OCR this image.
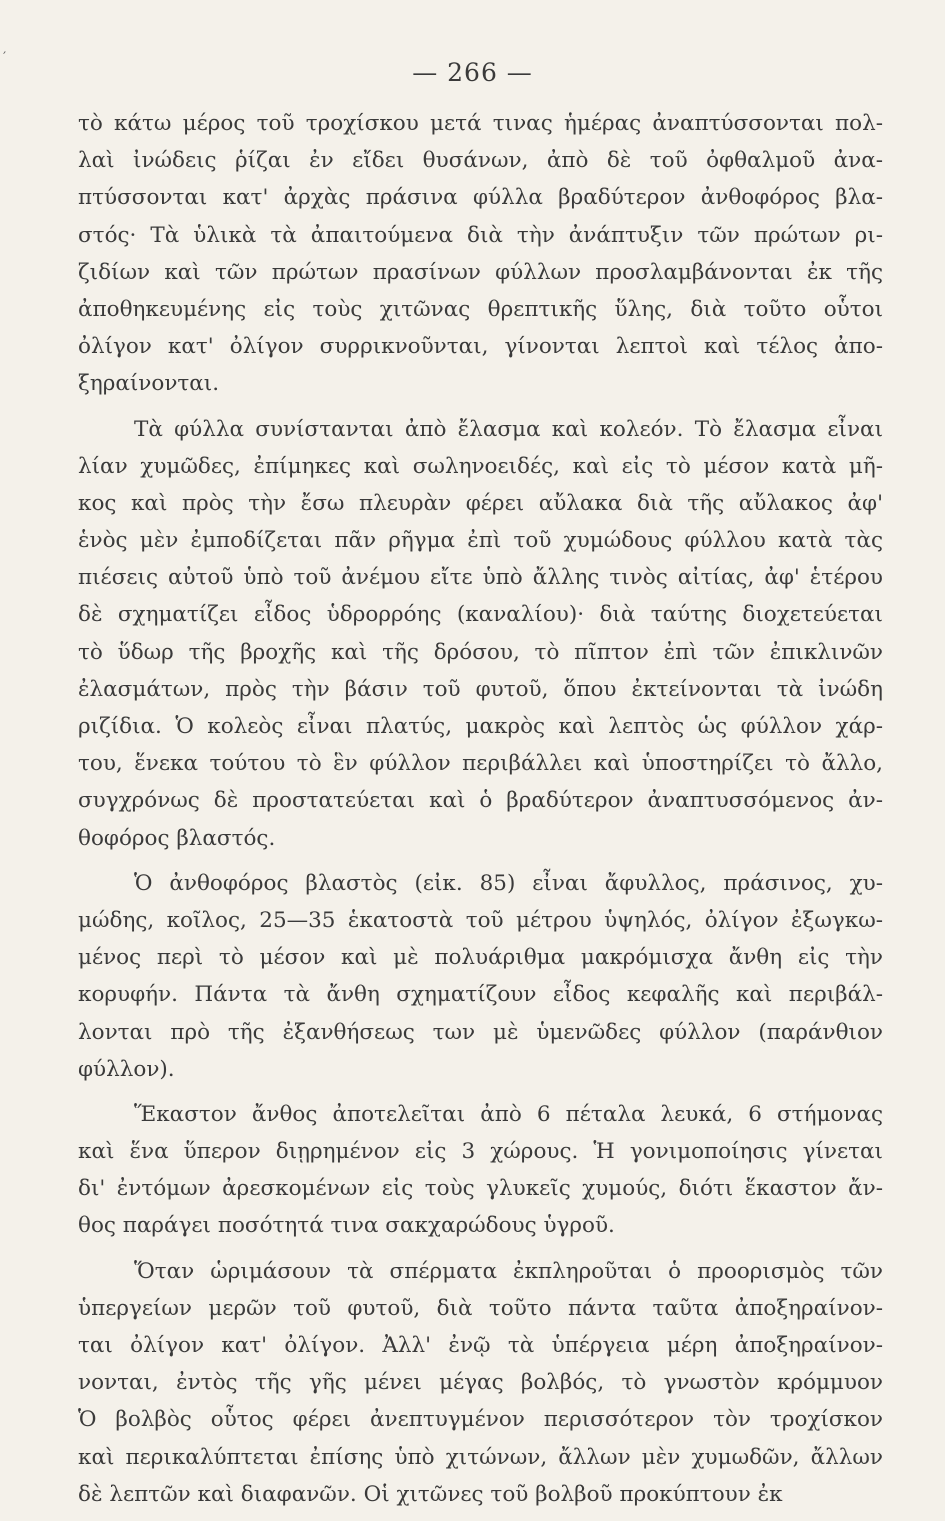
′	— 266 —
τὸ κάτω μέρος τοῦ τροχίσκου μετά τινας ἡμέρας ἀναπτύσσονται πολ-
λαὶ ἰνώδεις ῥίζαι ἐν εἴδει θυσάνων, ἀπὸ δὲ τοῦ ὀφθαλμοῦ ἀνα-
πτύσσονται κατ' ἀρχὰς πράσινα φύλλα βραδύτερον ἀνθοφόρος βλα-
στός· Τὰ ὑλικὰ τὰ ἀπαιτούμενα διὰ τὴν ἀνάπτυξιν τῶν πρώτων ρι-
ζιδίων καὶ τῶν πρώτων πρασίνων φύλλων προσλαμβάνονται ἐκ τῆς
ἀποθηκευμένης εἰς τοὺς χιτῶνας θρεπτικῆς ὕλης, διὰ τοῦτο οὗτοι
ὀλίγον κατ' ὀλίγον συρρικνοῦνται, γίνονται λεπτοὶ καὶ τέλος ἀπο-
ξηραίνονται.
Τὰ φύλλα συνίστανται ἀπὸ ἔλασμα καὶ κολεόν. Τὸ ἔλασμα εἶναι
λίαν χυμῶδες, ἐπίμηκες καὶ σωληνοειδές, καὶ εἰς τὸ μέσον κατὰ μῆ-
κος καὶ πρὸς τὴν ἔσω πλευρὰν φέρει αὔλακα διὰ τῆς αὔλακος ἀφ'
ἑνὸς μὲν ἐμποδίζεται πᾶν ρῆγμα ἐπὶ τοῦ χυμώδους φύλλου κατὰ τὰς
πιέσεις αὐτοῦ ὑπὸ τοῦ ἀνέμου εἴτε ὑπὸ ἄλλης τινὸς αἰτίας, ἀφ' ἑτέρου
δὲ σχηματίζει εἶδος ὑδρορρόης (καναλίου)· διὰ ταύτης διοχετεύεται
τὸ ὕδωρ τῆς βροχῆς καὶ τῆς δρόσου, τὸ πῖπτον ἐπὶ τῶν ἐπικλινῶν
ἐλασμάτων, πρὸς τὴν βάσιν τοῦ φυτοῦ, ὅπου ἐκτείνονται τὰ ἰνώδη
ριζίδια. Ὁ κολεὸς εἶναι πλατύς, μακρὸς καὶ λεπτὸς ὡς φύλλον χάρ-
του, ἕνεκα τούτου τὸ ἓν φύλλον περιβάλλει καὶ ὑποστηρίζει τὸ ἄλλο,
συγχρόνως δὲ προστατεύεται καὶ ὁ βραδύτερον ἀναπτυσσόμενος ἀν-
θοφόρος βλαστός.
Ὁ ἀνθοφόρος βλαστὸς (εἰκ. 85) εἶναι ἄφυλλος, πράσινος, χυ-
μώδης, κοῖλος, 25—35 ἑκατοστὰ τοῦ μέτρου ὑψηλός, ὀλίγον ἐξωγκω-
μένος περὶ τὸ μέσον καὶ μὲ πολυάριθμα μακρόμισχα ἄνθη εἰς τὴν
κορυφήν. Πάντα τὰ ἄνθη σχηματίζουν εἶδος κεφαλῆς καὶ περιβάλ-
λονται πρὸ τῆς ἐξανθήσεως των μὲ ὑμενῶδες φύλλον (παράνθιον
φύλλον).
Ἕκαστον ἄνθος ἀποτελεῖται ἀπὸ 6 πέταλα λευκά, 6 στήμονας
καὶ ἕνα ὕπερον διῃρημένον εἰς 3 χώρους. Ἡ γονιμοποίησις γίνεται
δι' ἐντόμων ἀρεσκομένων εἰς τοὺς γλυκεῖς χυμούς, διότι ἕκαστον ἄν-
θος παράγει ποσότητά τινα σακχαρώδους ὑγροῦ.
Ὅταν ὡριμάσουν τὰ σπέρματα ἐκπληροῦται ὁ προορισμὸς τῶν
ὑπεργείων μερῶν τοῦ φυτοῦ, διὰ τοῦτο πάντα ταῦτα ἀποξηραίνον-
ται ὀλίγον κατ' ὀλίγον. Ἀλλ' ἐνῷ τὰ ὑπέργεια μέρη ἀποξηραίνον-
νονται, ἐντὸς τῆς γῆς μένει μέγας βολβός, τὸ γνωστὸν κρόμμυον
Ὁ βολβὸς οὗτος φέρει ἀνεπτυγμένον περισσότερον τὸν τροχίσκον
καὶ περικαλύπτεται ἐπίσης ὑπὸ χιτώνων, ἄλλων μὲν χυμωδῶν, ἄλλων
δὲ λεπτῶν καὶ διαφανῶν. Οἱ χιτῶνες τοῦ βολβοῦ προκύπτουν ἐκ
